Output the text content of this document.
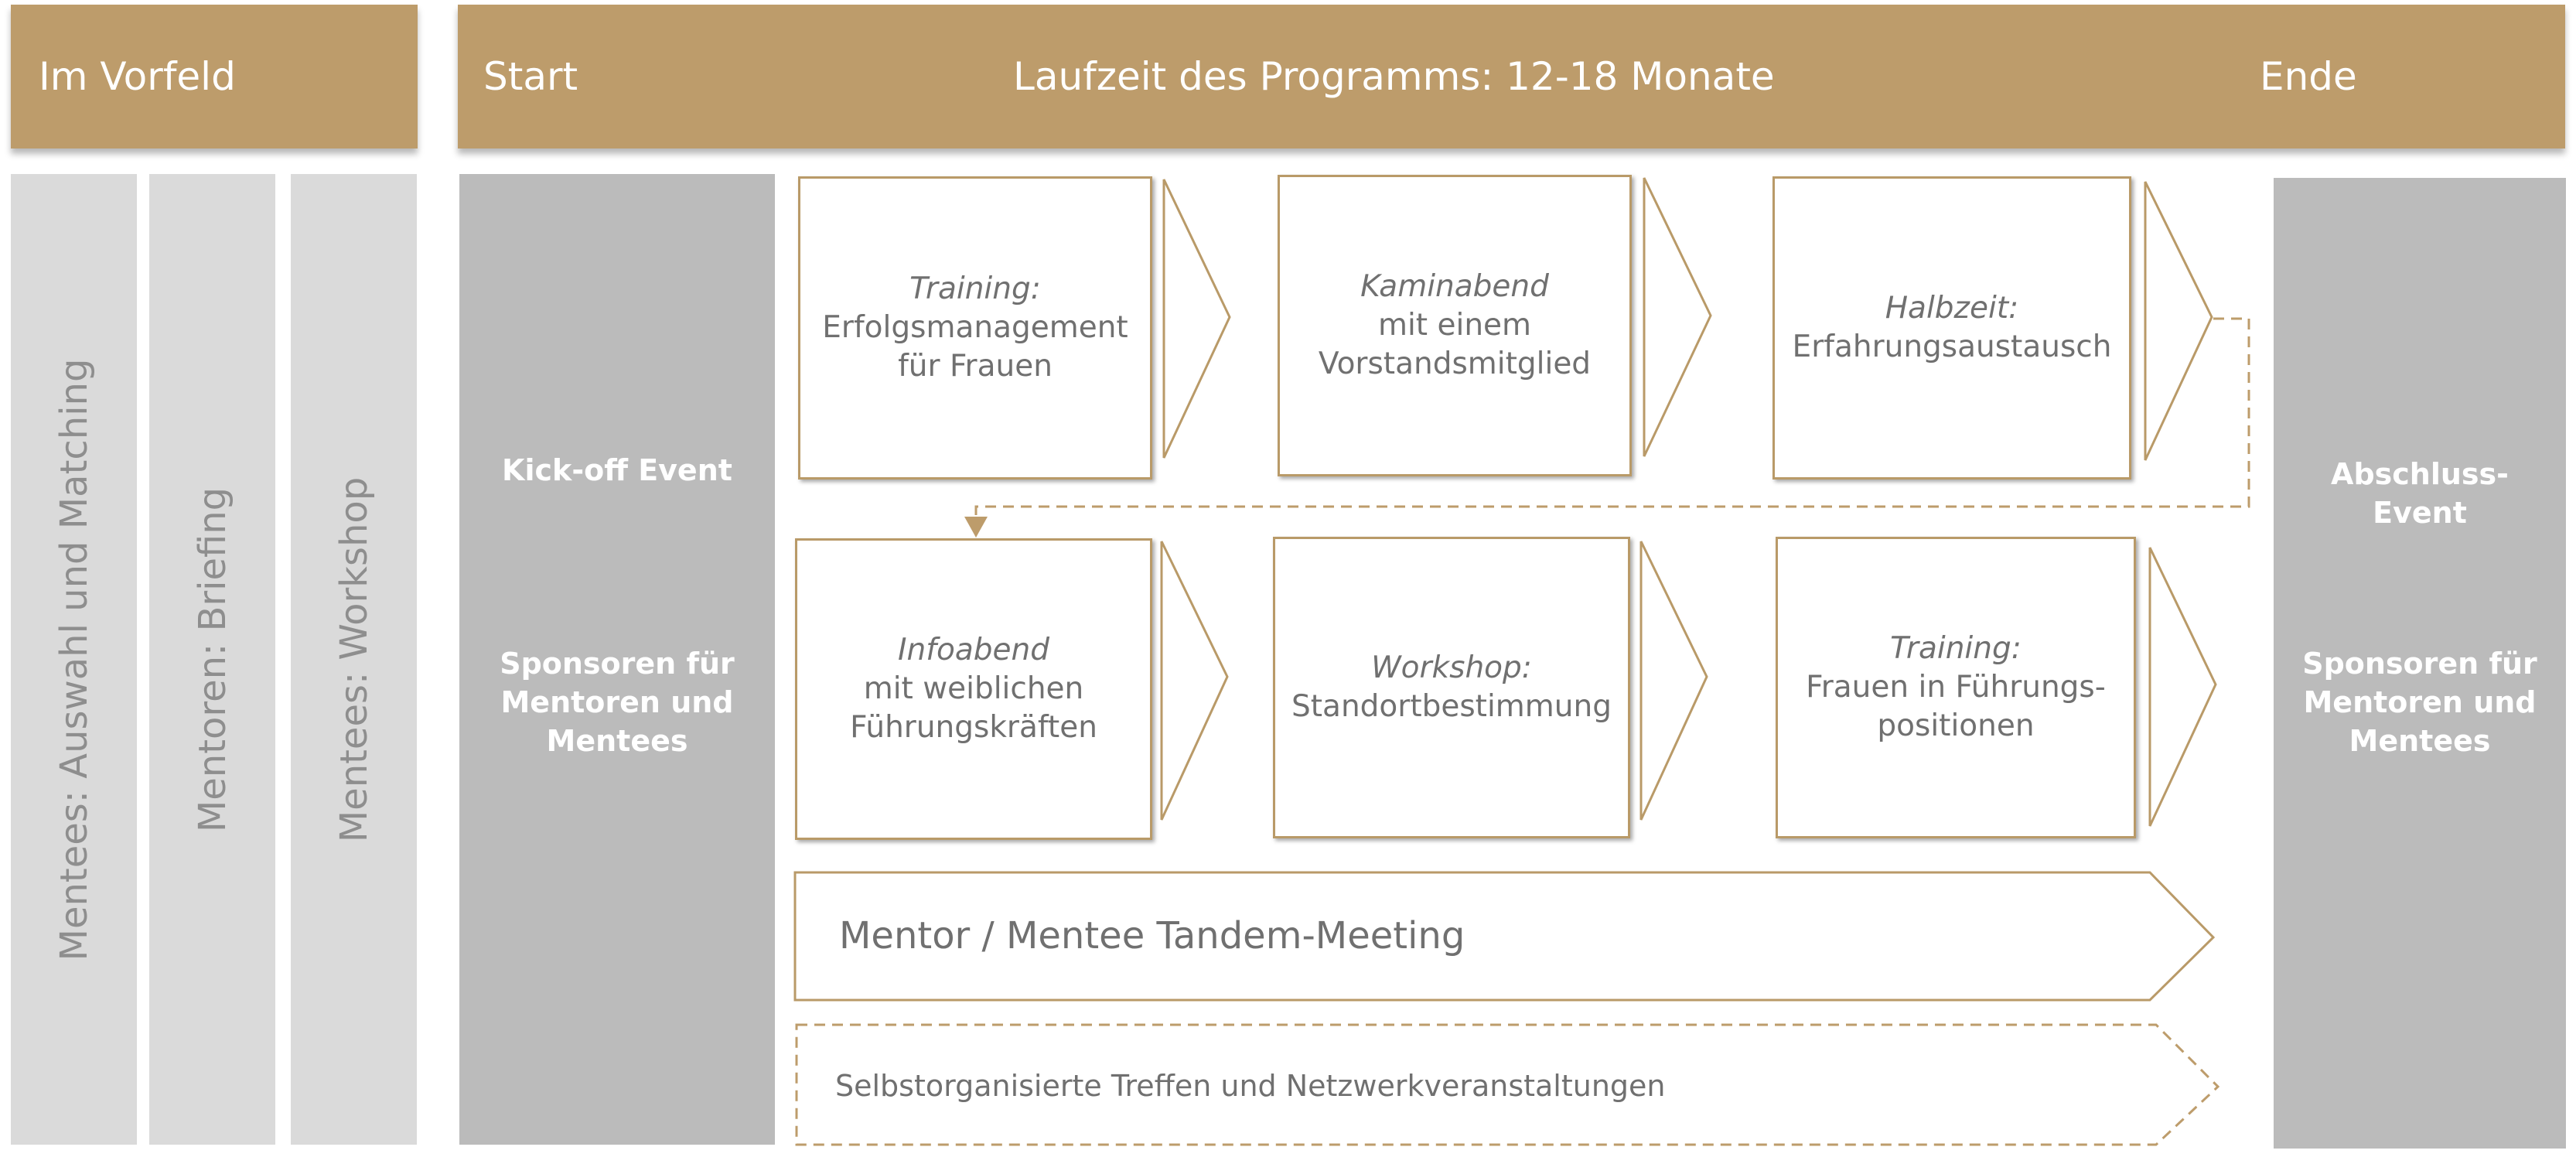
Im Vorfeld	Start	Laufzeit des Programms: 12-18 Monate	Ende
Mentees: Auswahl und Matching	Mentoren: Briefing	Mentees: Workshop
Kick-off Event
Sponsoren für
Mentoren und
Mentees
Abschluss-
Event
Sponsoren für
Mentoren und
Mentees
Training:
Erfolgsmanagement
für Frauen
Kaminabend
mit einem
Vorstandsmitglied
Halbzeit:
Erfahrungsaustausch
Infoabend
mit weiblichen
Führungskräften
Workshop:
Standortbestimmung
Training:
Frauen in Führungs-
positionen
Mentor / Mentee Tandem-Meeting
Selbstorganisierte Treffen und Netzwerkveranstaltungen
